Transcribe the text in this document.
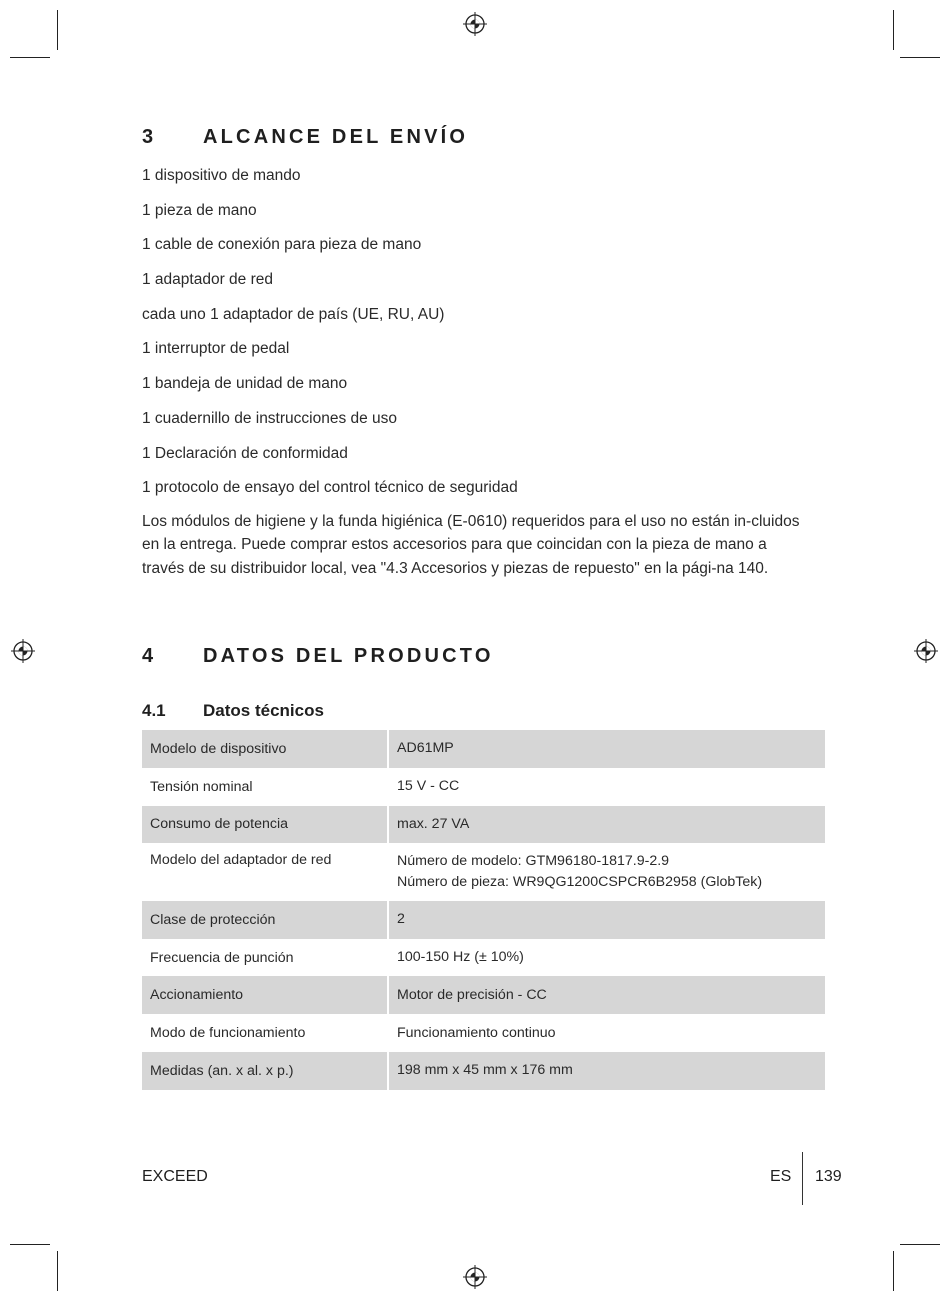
3 ALCANCE DEL ENVÍO
1 dispositivo de mando
1 pieza de mano
1 cable de conexión para pieza de mano
1 adaptador de red
cada uno 1 adaptador de país (UE, RU, AU)
1 interruptor de pedal
1 bandeja de unidad de mano
1 cuadernillo de instrucciones de uso
1 Declaración de conformidad
1 protocolo de ensayo del control técnico de seguridad

Los módulos de higiene y la funda higiénica (E-0610) requeridos para el uso no están in-cluidos en la entrega. Puede comprar estos accesorios para que coincidan con la pieza de mano a través de su distribuidor local, vea "4.3 Accesorios y piezas de repuesto" en la pági-na 140.

4 DATOS DEL PRODUCTO
4.1 Datos técnicos
Modelo de dispositivo	AD61MP

Tensión nominal	15 V - CC

Consumo de potencia	max. 27 VA

Modelo del adaptador de red	Número de modelo: GTM96180-1817.9-2.9
Número de pieza: WR9QG1200CSPCR6B2958 (GlobTek)

Clase de protección	2

Frecuencia de punción	100-150 Hz (± 10%)

Accionamiento	Motor de precisión - CC

Modo de funcionamiento	Funcionamiento continuo

Medidas (an. x al. x p.)	198 mm x 45 mm x 176 mm
EXCEED	ES 139
